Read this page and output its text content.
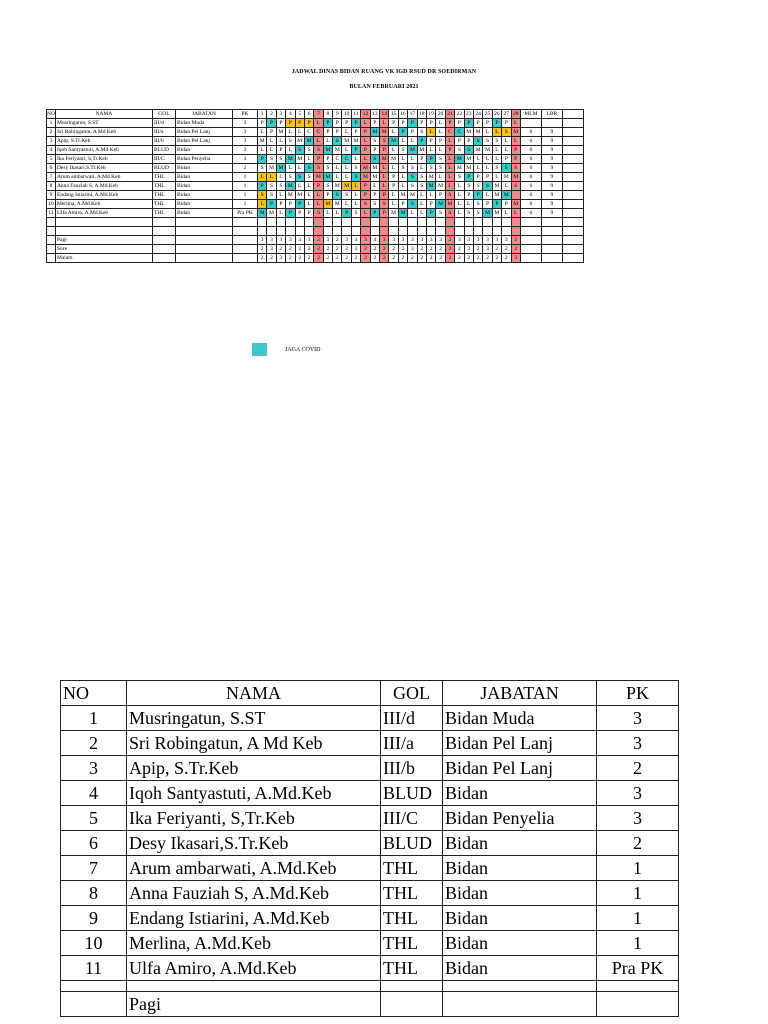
JADWAL DINAS BIDAN RUANG VK IGD RSUD DR SOEDIRMAN
BULAN FEBRUARI 2021
NO	NAMA	GOL	JABATAN	PK	1	2	3	4	5	6	7	8	9	10	11	12	13	14	15	16	17	18	19	20	21	22	23	24	25	26	27	28	MLM	LBR	
1	Musringatun, S.ST	III/d	Bidan Muda	3	P	P	P	P	P	P	L	P	P	P	P	L	P	L	P	P	P	P	P	L	P	P	P	P	P	P	P	L			
2	Sri Robingatun, A Md Keb	III/a	Bidan Pel Lanj	3	L	P	M	L	L	C	C	P	P	L	P	P	M	M	L	P	P	S	L	L	C	C	M	M	L	L	S	M	6	9	
3	Apip, S.Tr.Keb	III/b	Bidan Pel Lanj	3	M	L	L	S	M	M	L	L	S	M	M	L	S	S	M	L	L	P	P	P	L	P	P	S	S	S	L	L	6	9	
4	Iqoh Santyastuti, A.Md.Keb	BLUD	Bidan	3	L	L	P	L	S	S	S	M	M	L	P	P	P	P	L	S	M	M	L	L	P	S	S	M	M	L	L	P	6	9	
5	Ika Feriyanti, S,Tr.Keb	III/C	Bidan Penyelia	3	P	S	S	M	M	L	P	P	C	C	L	L	S	M	M	L	L	P	P	S	L	M	M	L	L	L	P	P	6	9	
6	Desy Ikasari,S.Tr.Keb	BLUD	Bidan	2	S	M	M	L	L	S	S	S	L	L	S	M	M	L	L	S	S	L	S	S	L	M	M	L	L	S	S	S	6	9	
7	Arum ambarwati, A.Md.Keb	THL	Bidan	1	L	L	L	S	S	S	M	M	L	L	S	M	M	L	P	L	S	S	M	L	L	S	P	P	P	L	M	M	6	9	
8	Anna Fauziah S, A.Md.Keb	THL	Bidan	1	P	S	S	M	L	L	P	S	M	M	L	P	L	L	P	L	S	S	M	M	L	L	S	S	S	M	L	S	6	9	
9	Endang Istiarini, A.Md.Keb	THL	Bidan	1	S	S	L	M	M	L	L	P	S	S	L	P	P	P	L	M	M	L	L	P	S	L	P	P	L	M	M		6	9	
10	Merlina, A.Md.Keb	THL	Bidan	1	L	P	P	P	P	L	L	M	M	L	L	S	S	S	L	P	S	L	P	M	M	L	L	S	P	P	P	M	6	9	
11	Ulfa Amiro, A.Md.Keb	THL	Bidan	Pra PK	M	M	L	P	P	P	S	L	L	P	S	L	P	P	M	M	L	L	P	S	S	L	S	S	M	M	L	L	6	9	

	Pagi				3	3	3	3	3	3	2	3	2	3	3	3	4	3	3	3	3	3	3	3	2	3	3	3	3	3	3	2			
	Sore				2	3	2	2	2	2	2	2	2	2	3	2	2	2	2	2	3	2	2	2	2	2	3	2	3	2	2	2			
	Malam				2	2	3	2	2	2	2	2	2	2	2	2	2	2	2	2	2	2	2	2	2	2	2	2	2	2	2	3			
JAGA COVID
NO	NAMA	GOL	JABATAN	PK
1	Musringatun, S.ST	III/d	Bidan Muda	3
2	Sri Robingatun, A Md Keb	III/a	Bidan Pel Lanj	3
3	Apip, S.Tr.Keb	III/b	Bidan Pel Lanj	2
4	Iqoh Santyastuti, A.Md.Keb	BLUD	Bidan	3
5	Ika Feriyanti, S,Tr.Keb	III/C	Bidan Penyelia	3
6	Desy Ikasari,S.Tr.Keb	BLUD	Bidan	2
7	Arum ambarwati, A.Md.Keb	THL	Bidan	1
8	Anna Fauziah S, A.Md.Keb	THL	Bidan	1
9	Endang Istiarini, A.Md.Keb	THL	Bidan	1
10	Merlina, A.Md.Keb	THL	Bidan	1
11	Ulfa Amiro, A.Md.Keb	THL	Bidan	Pra PK

	Pagi			
